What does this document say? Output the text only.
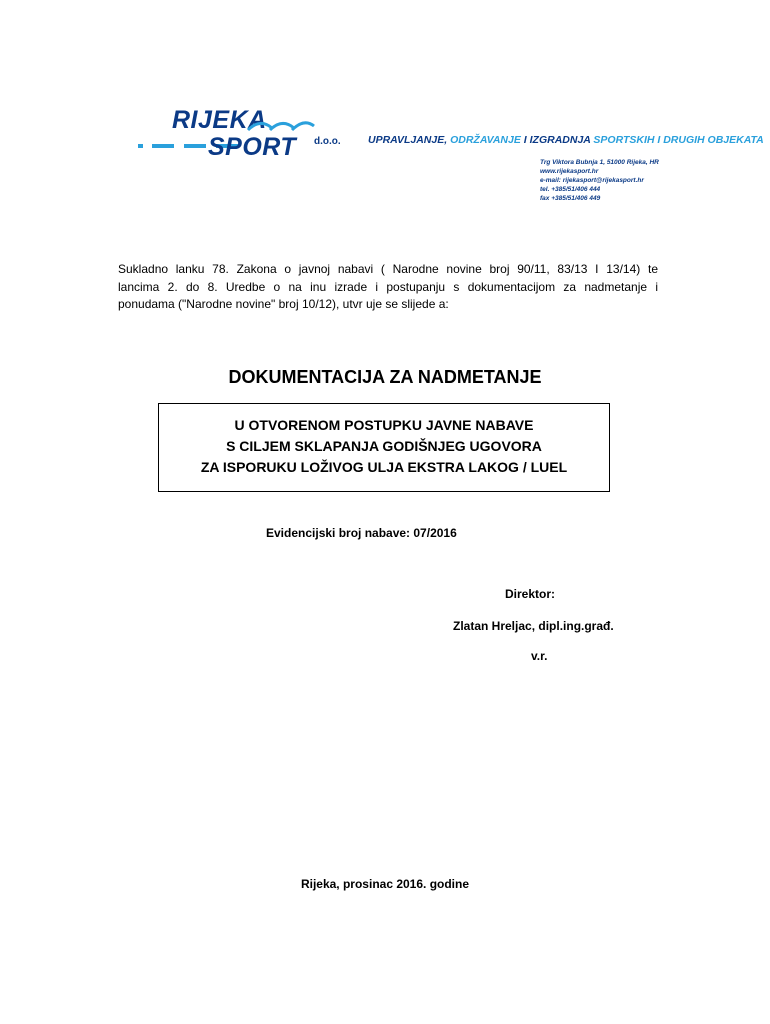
RIJEKA
SPORT d.o.o.	UPRAVLJANJE, ODRŽAVANJE I IZGRADNJA SPORTSKIH I DRUGIH OBJEKATA
Trg Viktora Bubnja 1, 51000 Rijeka, HR
www.rijekasport.hr
e-mail: rijekasport@rijekasport.hr
tel. +385/51/406 444
fax +385/51/406 449
Sukladno lanku 78. Zakona o javnoj nabavi ( Narodne novine broj 90/11, 83/13 I 13/14) te
lancima 2. do 8. Uredbe o na inu izrade i postupanju s dokumentacijom za nadmetanje i
ponudama ("Narodne novine" broj 10/12), utvr uje se slijede a:
DOKUMENTACIJA ZA NADMETANJE
U OTVORENOM POSTUPKU JAVNE NABAVE
S CILJEM SKLAPANJA GODIŠNJEG UGOVORA
ZA ISPORUKU LOŽIVOG ULJA EKSTRA LAKOG / LUEL
Evidencijski broj nabave: 07/2016
Direktor:
Zlatan Hreljac, dipl.ing.građ.
v.r.
Rijeka, prosinac 2016. godine
